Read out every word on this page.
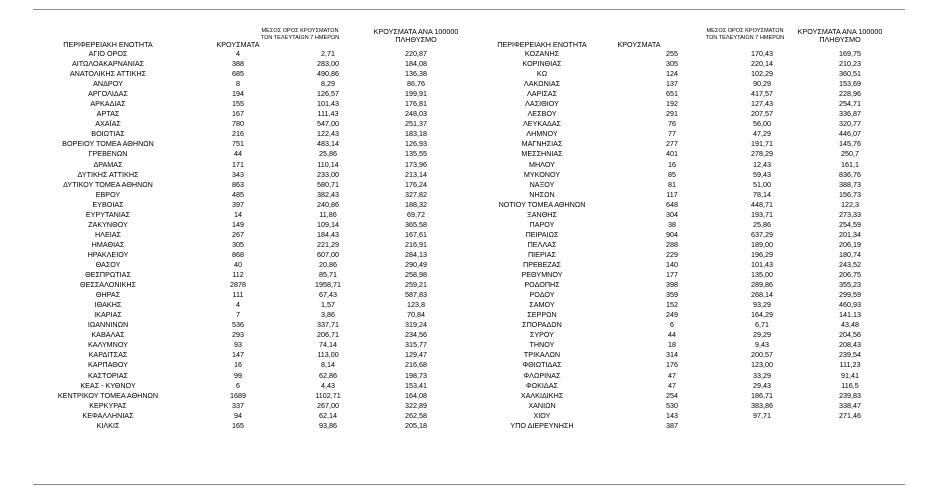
ΠΕΡΙΦΕΡΕΙΑΚΗ ΕΝΟΤΗΤΑ	ΚΡΟΥΣΜΑΤΑ
ΜΕΣΟΣ ΟΡΟΣ ΚΡΟΥΣΜΑΤΩΝ
ΤΩΝ ΤΕΛΕΥΤΑΙΩΝ 7 ΗΜΕΡΩΝ
ΚΡΟΥΣΜΑΤΑ ΑΝΑ 100000
ΠΛΗΘΥΣΜΟ
ΠΕΡΙΦΕΡΕΙΑΚΗ ΕΝΟΤΗΤΑ	ΚΡΟΥΣΜΑΤΑ
ΜΕΣΟΣ ΟΡΟΣ ΚΡΟΥΣΜΑΤΩΝ
ΤΩΝ ΤΕΛΕΥΤΑΙΩΝ 7 ΗΜΕΡΩΝ
ΚΡΟΥΣΜΑΤΑ ΑΝΑ 100000
ΠΛΗΘΥΣΜΟ
ΑΓΙΟ ΟΡΟΣ	4	2,71	220,87
ΑΙΤΩΛΟΑΚΑΡΝΑΝΙΑΣ	388	283,00	184,08
ΑΝΑΤΟΛΙΚΗΣ ΑΤΤΙΚΗΣ	685	490,86	136,38
ΑΝΔΡΟΥ	8	8,29	86,76
ΑΡΓΟΛΙΔΑΣ	194	126,57	199,91
ΑΡΚΑΔΙΑΣ	155	101,43	176,81
ΑΡΤΑΣ	167	111,43	248,03
ΑΧΑΪΑΣ	780	547,00	251,37
ΒΟΙΩΤΙΑΣ	216	122,43	183,18
ΒΟΡΕΙΟΥ ΤΟΜΕΑ ΑΘΗΝΩΝ	751	483,14	126,93
ΓΡΕΒΕΝΩΝ	44	25,86	135,55
ΔΡΑΜΑΣ	171	110,14	173,96
ΔΥΤΙΚΗΣ ΑΤΤΙΚΗΣ	343	233,00	213,14
ΔΥΤΙΚΟΥ ΤΟΜΕΑ ΑΘΗΝΩΝ	863	580,71	176,24
ΕΒΡΟΥ	485	382,43	327,82
ΕΥΒΟΙΑΣ	397	240,86	188,32
ΕΥΡΥΤΑΝΙΑΣ	14	11,86	69,72
ΖΑΚΥΝΘΟΥ	149	109,14	365,58
ΗΛΕΙΑΣ	267	184,43	167,61
ΗΜΑΘΙΑΣ	305	221,29	216,91
ΗΡΑΚΛΕΙΟΥ	868	607,00	284,13
ΘΑΣΟΥ	40	20,86	290,49
ΘΕΣΠΡΩΤΙΑΣ	112	85,71	258,98
ΘΕΣΣΑΛΟΝΙΚΗΣ	2878	1958,71	259,21
ΘΗΡΑΣ	111	67,43	587,83
ΙΘΑΚΗΣ	4	1,57	123,8
ΙΚΑΡΙΑΣ	7	3,86	70,84
ΙΩΑΝΝΙΝΩΝ	536	337,71	319,24
ΚΑΒΑΛΑΣ	293	206,71	234,56
ΚΑΛΥΜΝΟΥ	93	74,14	315,77
ΚΑΡΔΙΤΣΑΣ	147	113,00	129,47
ΚΑΡΠΑΘΟΥ	16	8,14	216,68
ΚΑΣΤΟΡΙΑΣ	99	62,86	198,73
ΚΕΑΣ - ΚΥΘΝΟΥ	6	4,43	153,41
ΚΕΝΤΡΙΚΟΥ ΤΟΜΕΑ ΑΘΗΝΩΝ	1689	1102,71	164,08
ΚΕΡΚΥΡΑΣ	337	267,00	322,89
ΚΕΦΑΛΛΗΝΙΑΣ	94	62,14	262,58
ΚΙΛΚΙΣ	165	93,86	205,18
ΚΟΖΑΝΗΣ	255	170,43	169,75
ΚΟΡΙΝΘΙΑΣ	305	220,14	210,23
ΚΩ	124	102,29	360,51
ΛΑΚΩΝΙΑΣ	137	90,29	153,69
ΛΑΡΙΣΑΣ	651	417,57	228,96
ΛΑΣΙΘΙΟΥ	192	127,43	254,71
ΛΕΣΒΟΥ	291	207,57	336,87
ΛΕΥΚΑΔΑΣ	76	56,00	320,77
ΛΗΜΝΟΥ	77	47,29	446,07
ΜΑΓΝΗΣΙΑΣ	277	191,71	145,76
ΜΕΣΣΗΝΙΑΣ	401	278,29	250,7
ΜΗΛΟΥ	16	12,43	161,1
ΜΥΚΟΝΟΥ	85	59,43	836,76
ΝΑΞΟΥ	81	51,00	388,73
ΝΗΣΩΝ	117	78,14	156,73
ΝΟΤΙΟΥ ΤΟΜΕΑ ΑΘΗΝΩΝ	648	448,71	122,3
ΞΑΝΘΗΣ	304	193,71	273,33
ΠΑΡΟΥ	38	25,86	254,59
ΠΕΙΡΑΙΩΣ	904	637,29	201,34
ΠΕΛΛΑΣ	288	189,00	206,19
ΠΙΕΡΙΑΣ	229	196,29	180,74
ΠΡΕΒΕΖΑΣ	140	101,43	243,52
ΡΕΘΥΜΝΟΥ	177	135,00	206,75
ΡΟΔΟΠΗΣ	398	289,86	355,23
ΡΟΔΟΥ	359	268,14	299,59
ΣΑΜΟΥ	152	93,29	460,93
ΣΕΡΡΩΝ	249	164,29	141,13
ΣΠΟΡΑΔΩΝ	6	6,71	43,48
ΣΥΡΟΥ	44	29,29	204,56
ΤΗΝΟΥ	18	9,43	208,43
ΤΡΙΚΑΛΩΝ	314	200,57	239,54
ΦΘΙΩΤΙΔΑΣ	176	123,00	111,23
ΦΛΩΡΙΝΑΣ	47	33,29	91,41
ΦΩΚΙΔΑΣ	47	29,43	116,5
ΧΑΛΚΙΔΙΚΗΣ	254	186,71	239,83
ΧΑΝΙΩΝ	530	383,86	338,47
ΧΙΟΥ	143	97,71	271,46
ΥΠΟ ΔΙΕΡΕΥΝΗΣΗ	387
